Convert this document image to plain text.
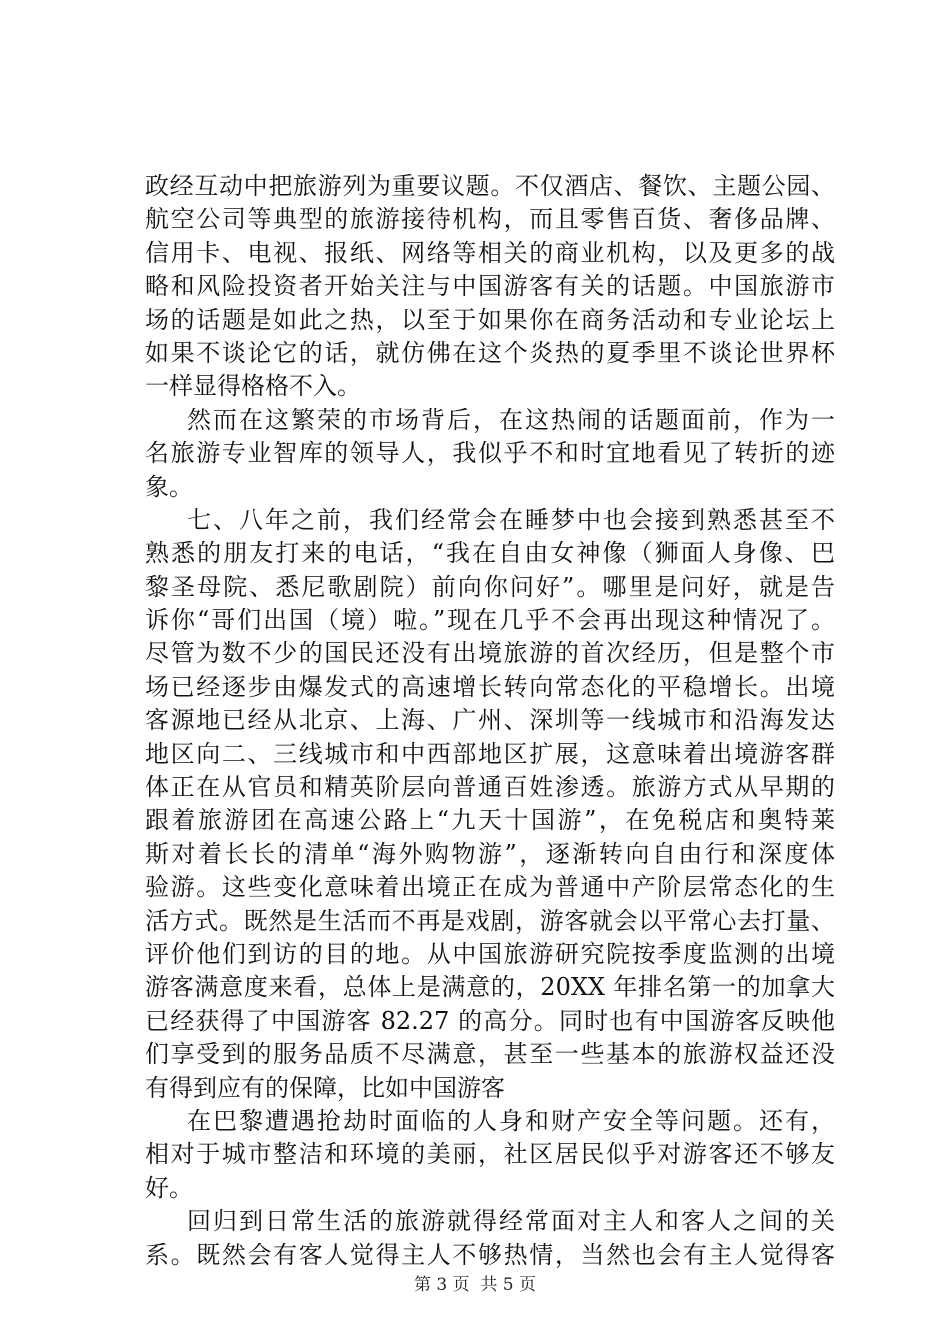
政经互动中把旅游列为重要议题。不仅酒店、餐饮、主题公园、
航空公司等典型的旅游接待机构，而且零售百货、奢侈品牌、
信用卡、电视、报纸、网络等相关的商业机构，以及更多的战
略和风险投资者开始关注与中国游客有关的话题。中国旅游市
场的话题是如此之热，以至于如果你在商务活动和专业论坛上
如果不谈论它的话，就仿佛在这个炎热的夏季里不谈论世界杯
一样显得格格不入。
然而在这繁荣的市场背后，在这热闹的话题面前，作为一
名旅游专业智库的领导人，我似乎不和时宜地看见了转折的迹
象。
七、八年之前，我们经常会在睡梦中也会接到熟悉甚至不
熟悉的朋友打来的电话，“我在自由女神像（狮面人身像、巴
黎圣母院、悉尼歌剧院）前向你问好”。哪里是问好，就是告
诉你“哥们出国（境）啦。”现在几乎不会再出现这种情况了。
尽管为数不少的国民还没有出境旅游的首次经历，但是整个市
场已经逐步由爆发式的高速增长转向常态化的平稳增长。出境
客源地已经从北京、上海、广州、深圳等一线城市和沿海发达
地区向二、三线城市和中西部地区扩展，这意味着出境游客群
体正在从官员和精英阶层向普通百姓渗透。旅游方式从早期的
跟着旅游团在高速公路上“九天十国游”，在免税店和奥特莱
斯对着长长的清单“海外购物游”，逐渐转向自由行和深度体
验游。这些变化意味着出境正在成为普通中产阶层常态化的生
活方式。既然是生活而不再是戏剧，游客就会以平常心去打量、
评价他们到访的目的地。从中国旅游研究院按季度监测的出境
游客满意度来看，总体上是满意的，20XX 年排名第一的加拿大
已经获得了中国游客 82.27 的高分。同时也有中国游客反映他
们享受到的服务品质不尽满意，甚至一些基本的旅游权益还没
有得到应有的保障，比如中国游客
在巴黎遭遇抢劫时面临的人身和财产安全等问题。还有，
相对于城市整洁和环境的美丽，社区居民似乎对游客还不够友
好。
回归到日常生活的旅游就得经常面对主人和客人之间的关
系。既然会有客人觉得主人不够热情，当然也会有主人觉得客
第 3 页  共 5 页
